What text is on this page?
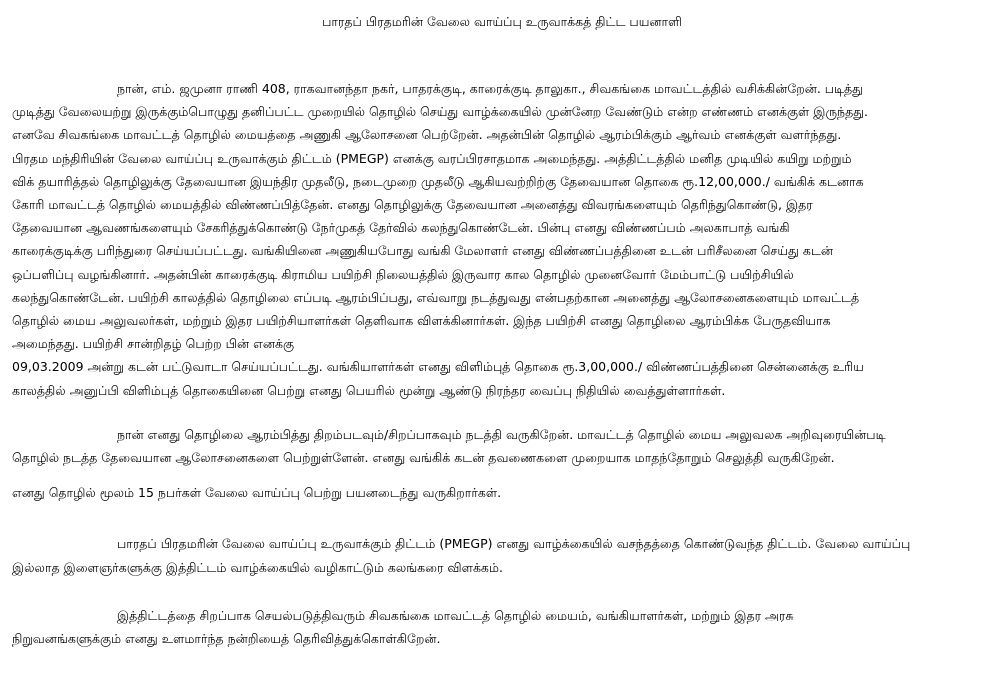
பாரதப் பிரதமரின் வேலை வாய்ப்பு உருவாக்கத் திட்ட பயனாளி
நான், எம். ஜமுனா ராணி 408, ராகவானந்தா நகர், பாதரக்குடி, காரைக்குடி தாலுகா., சிவகங்கை மாவட்டத்தில் வசிக்கின்றேன். படித்து
முடித்து வேலையற்று இருக்கும்பொழுது தனிப்பட்ட முறையில் தொழில் செய்து வாழ்க்கையில் முன்னேற வேண்டும் என்ற எண்ணம் எனக்குள் இருந்தது.
எனவே சிவகங்கை மாவட்டத் தொழில் மையத்தை அணுகி ஆலோசனை பெற்றேன். அதன்பின் தொழில் ஆரம்பிக்கும் ஆர்வம் எனக்குள் வளர்ந்தது.
பிரதம மந்திரியின் வேலை வாய்ப்பு உருவாக்கும் திட்டம் (PMEGP) எனக்கு வரப்பிரசாதமாக அமைந்தது. அத்திட்டத்தில் மனித முடியில் கயிறு மற்றும்
விக் தயாரித்தல் தொழிலுக்கு தேவையான இயந்திர முதலீடு, நடைமுறை முதலீடு ஆகியவற்றிற்கு தேவையான தொகை ரூ.12,00,000./ வங்கிக் கடனாக
கோரி மாவட்டத் தொழில் மையத்தில் விண்ணப்பித்தேன். எனது தொழிலுக்கு தேவையான அனைத்து விவரங்களையும் தெரிந்துகொண்டு, இதர
தேவையான ஆவணங்களையும் சேகரித்துக்கொண்டு நேர்முகத் தேர்வில் கலந்துகொண்டேன். பின்பு எனது விண்ணப்பம் அலகாபாத் வங்கி
காரைக்குடிக்கு பரிந்துரை செய்யப்பட்டது. வங்கியினை அணுகியபோது வங்கி மேலாளர் எனது விண்ணப்பத்தினை உடன் பரிசீலனை செய்து கடன்
ஒப்பளிப்பு வழங்கினார். அதன்பின் காரைக்குடி கிராமிய பயிற்சி நிலையத்தில் இருவார கால தொழில் முனைவோர் மேம்பாட்டு பயிற்சியில்
கலந்துகொண்டேன். பயிற்சி காலத்தில் தொழிலை எப்படி ஆரம்பிப்பது, எவ்வாறு நடத்துவது என்பதற்கான அனைத்து ஆலோசனைகளையும் மாவட்டத்
தொழில் மைய அலுவலர்கள், மற்றும் இதர பயிற்சியாளர்கள் தெளிவாக விளக்கினார்கள். இந்த பயிற்சி எனது தொழிலை ஆரம்பிக்க பேருதவியாக
அமைந்தது. பயிற்சி சான்றிதழ் பெற்ற பின் எனக்கு
09,03.2009 அன்று கடன் பட்டுவாடா செய்யப்பட்டது. வங்கியாளர்கள் எனது விளிம்புத் தொகை ரூ.3,00,000./ விண்ணப்பத்தினை சென்னைக்கு உரிய
காலத்தில் அனுப்பி விளிம்புத் தொகையினை பெற்று எனது பெயரில் மூன்று ஆண்டு நிரந்தர வைப்பு நிதியில் வைத்துள்ளார்கள்.
நான் எனது தொழிலை ஆரம்பித்து திறம்படவும்/சிறப்பாகவும் நடத்தி வருகிறேன். மாவட்டத் தொழில் மைய அலுவலக அறிவுரையின்படி
தொழில் நடத்த தேவையான ஆலோசனைகளை பெற்றுள்ளேன். எனது வங்கிக் கடன் தவணைகளை முறையாக மாதந்தோறும் செலுத்தி வருகிறேன்.
எனது தொழில் மூலம் 15 நபர்கள் வேலை வாய்ப்பு பெற்று பயனடைந்து வருகிறார்கள்.
பாரதப் பிரதமரின் வேலை வாய்ப்பு உருவாக்கும் திட்டம் (PMEGP) எனது வாழ்க்கையில் வசந்தத்தை கொண்டுவந்த திட்டம். வேலை வாய்ப்பு
இல்லாத இளைஞர்களுக்கு இத்திட்டம் வாழ்க்கையில் வழிகாட்டும் கலங்கரை விளக்கம்.
இத்திட்டத்தை சிறப்பாக செயல்படுத்திவரும் சிவகங்கை மாவட்டத் தொழில் மையம், வங்கியாளர்கள், மற்றும் இதர அரசு
நிறுவனங்களுக்கும் எனது உளமார்ந்த நன்றியைத் தெரிவித்துக்கொள்கிறேன்.
